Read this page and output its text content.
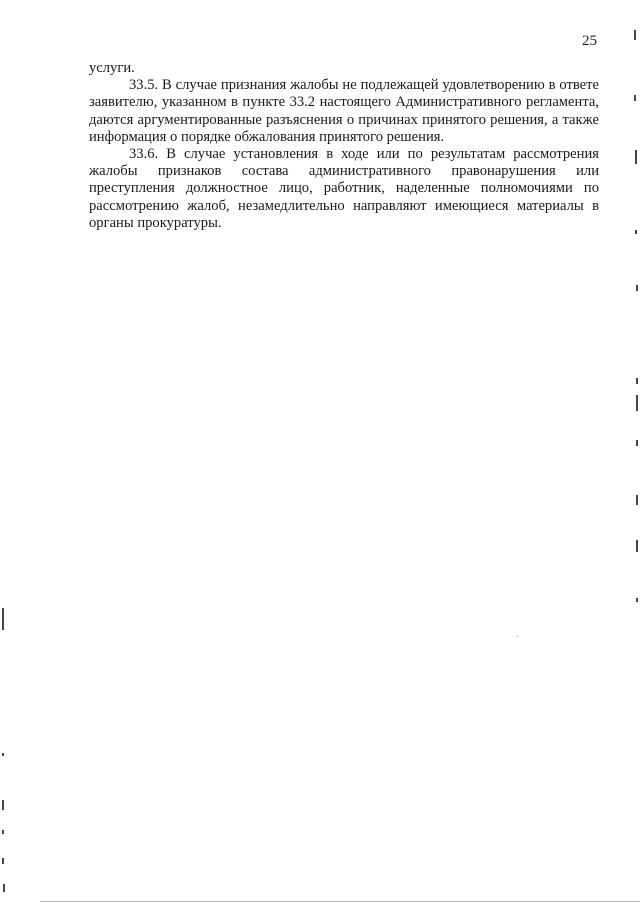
25

услуги.

33.5. В случае признания жалобы не подлежащей удовлетворению в ответе заявителю, указанном в пункте 33.2 настоящего Административного регламента, даются аргументированные разъяснения о причинах принятого решения, а также информация о порядке обжалования принятого решения.

33.6. В случае установления в ходе или по результатам рассмотрения жалобы признаков состава административного правонарушения или преступления должностное лицо, работник, наделенные полномочиями по рассмотрению жалоб, незамедлительно направляют имеющиеся материалы в органы прокуратуры.
